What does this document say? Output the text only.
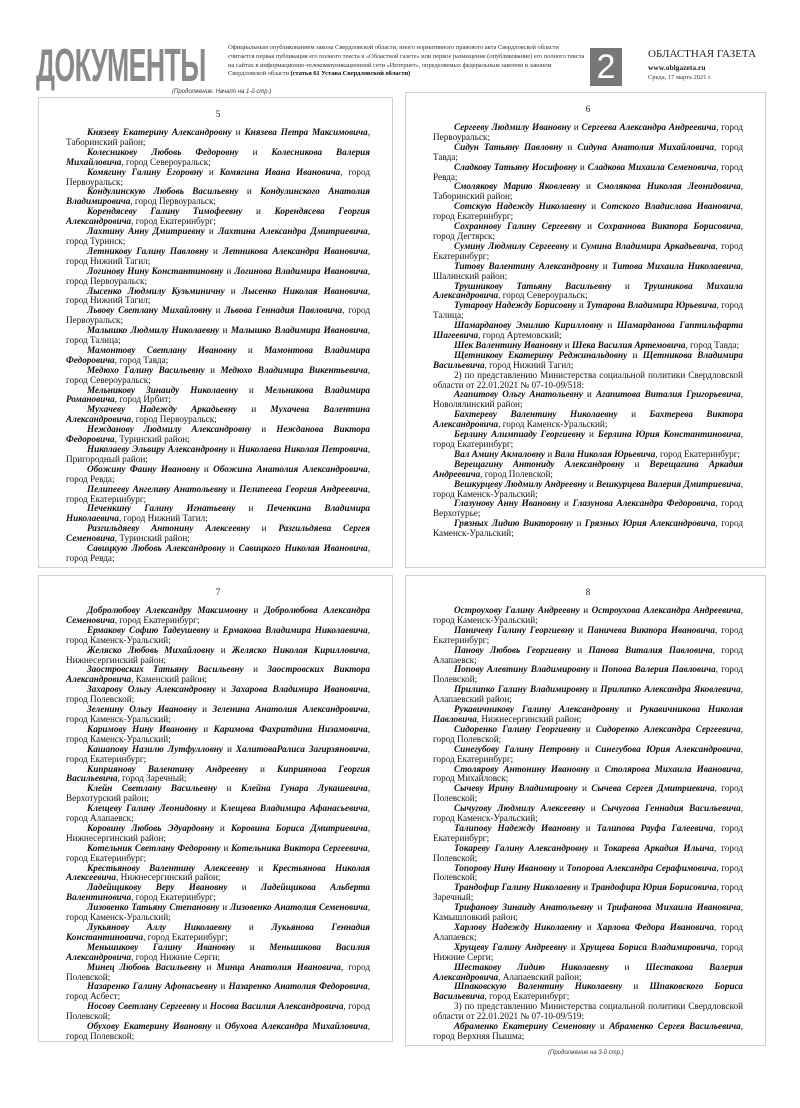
ДОКУМЕНТЫ	Официальным опубликованием закона Свердловской области, иного нормативного правового акта Свердловской области считается первая публикация его полного текста в «Областной газете» или первое размещение (опубликование) его полного текста на сайтах в информационно-телекоммуникационной сети «Интернет», определяемых федеральным законом и законом Свердловской области (статья 61 Устава Свердловской области)	2	ОБЛАСТНАЯ ГАЗЕТА
www.oblgazeta.ru
Среда, 17 марта 2021 г.
(Продолжение. Начало на 1-й стр.)
5

Князеву Екатерину Александровну и Князева Петра Максимовича, Таборинский район;

Колесникову Любовь Федоровну и Колесникова Валерия Михайловича, город Североуральск;

Комягину Галину Егоровну и Комягина Ивана Ивановича, город Первоуральск;

Кондулинскую Любовь Васильевну и Кондулинского Анатолия Владимировича, город Первоуральск;

Корендясеву Галину Тимофеевну и Корендясева Георгия Александровича, город Екатеринбург;

Лахтину Анну Дмитриевну и Лахтина Александра Дмитриевича, город Туринск;

Летникову Галину Павловну и Летникова Александра Ивановича, город Нижний Тагил;

Логинову Нину Константиновну и Логинова Владимира Ивановича, город Первоуральск;

Лысенко Людмилу Кузьминичну и Лысенко Николая Ивановича, город Нижний Тагил;

Львову Светлану Михайловну и Львова Геннадия Павловича, город Первоуральск;

Малышко Людмилу Николаевну и Малышко Владимира Ивановича, город Талица;

Мамонтову Светлану Ивановну и Мамонтова Владимира Федоровича, город Тавда;

Медюхо Галину Васильевну и Медюхо Владимира Викентьевича, город Североуральск;

Мельникову Зинаиду Николаевну и Мельникова Владимира Романовича, город Ирбит;

Мухачеву Надежду Аркадьевну и Мухачева Валентина Александровича, город Первоуральск;

Нежданову Людмилу Александровну и Нежданова Виктора Федоровича, Туринский район;

Николаеву Эльвиру Александровну и Николаева Николая Петровича, Пригородный район;

Обожину Фаину Ивановну и Обожина Анатолия Александровича, город Ревда;

Пелипееву Ангелину Анатольевну и Пелипеева Георгия Андреевича, город Екатеринбург;

Печенкину Галину Игнатьевну и Печенкина Владимира Николаевича, город Нижний Тагил;

Разгильдяеву Антонину Алексеевну и Разгильдяева Сергея Семеновича, Туринский район;

Савицкую Любовь Александровну и Савицкого Николая Ивановича, город Ревда;

6

Сергееву Людмилу Ивановну и Сергеева Александра Андреевича, город Первоуральск;

Сидун Татьяну Павловну и Сидуна Анатолия Михайловича, город Тавда;

Сладкову Татьяну Иосифовну и Сладкова Михаила Семеновича, город Ревда;

Смолякову Марию Яковлевну и Смолякова Николая Леонидовича, Таборинский район;

Сотскую Надежду Николаевну и Сотского Владислава Ивановича, город Екатеринбург;

Сохраннову Галину Сергеевну и Сохраннова Виктора Борисовича, город Дегтярск;

Сумину Людмилу Сергеевну и Сумина Владимира Аркадьевича, город Екатеринбург;

Титову Валентину Александровну и Титова Михаила Николаевича, Шалинский район;

Трушникову Татьяну Васильевну и Трушникова Михаила Александровича, город Североуральск;

Тутарову Надежду Борисовну и Тутарова Владимира Юрьевича, город Талица;

Шамарданову Эмилию Кирилловну и Шамарданова Гаптильфарта Шагеевича, город Артемовский;

Шек Валентину Ивановну и Шека Василия Артемовича, город Тавда;

Щетникову Екатерину Реджинальдовну и Щетникова Владимира Васильевича, город Нижний Тагил;

2) по представлению Министерства социальной политики Свердловской области от 22.01.2021 № 07-10-09/518:

Агапитову Ольгу Анатольевну и Агапитова Виталия Григорьевича, Новолялинский район;

Бахтереву Валентину Николаевну и Бахтерева Виктора Александровича, город Каменск-Уральский;

Берлину Алимпиаду Георгиевну и Берлина Юрия Константиновича, город Екатеринбург;

Вал Амину Акмаловну и Вала Николая Юрьевича, город Екатеринбург;

Верещагину Антониду Александровну и Верещагина Аркадия Андреевича, город Полевской;

Вешкурцеву Людмилу Андреевну и Вешкурцева Валерия Дмитриевича, город Каменск-Уральский;

Глазунову Анну Ивановну и Глазунова Александра Федоровича, город Верхотурье;

Грязных Лидию Викторовну и Грязных Юрия Александровича, город Каменск-Уральский;

7

Добролюбову Александру Максимовну и Добролюбова Александра Семеновича, город Екатеринбург;

Ермакову Софию Тадеушевну и Ермакова Владимира Николаевича, город Каменск-Уральский;

Желяско Любовь Михайловну и Желяско Николая Кирилловича, Нижнесергинский район;

Заостровских Татьяну Васильевну и Заостровских Виктора Александровича, Каменский район;

Захарову Ольгу Александровну и Захарова Владимира Ивановича, город Полевской;

Зеленину Ольгу Ивановну и Зеленина Анатолия Александровича, город Каменск-Уральский;

Каримову Нину Ивановну и Каримова Фахритдина Низамовича, город Каменск-Уральский;

Кашапову Назилю Лутфулловну и ХалитоваРалиса Загирзяновича, город Екатеринбург;

Киприянову Валентину Андреевну и Киприянова Георгия Васильевича, город Заречный;

Клейн Светлану Васильевну и Клейна Гунара Лукашевича, Верхотурский район;

Клещеву Галину Леонидовну и Клещева Владимира Афанасьевича, город Алапаевск;

Коровину Любовь Эдуардовну и Коровина Бориса Дмитриевича, Нижнесергинский район;

Котельник Светлану Федоровну и Котельника Виктора Сергеевича, город Екатеринбург;

Крестьянову Валентину Алексеевну и Крестьянова Николая Алексеевича, Нижнесергинский район;

Ладейщикову Веру Ивановну и Ладейщикова Альберта Валентиновича, город Екатеринбург;

Лизовенко Татьяну Степановну и Лизовенко Анатолия Семеновича, город Каменск-Уральский;

Лукьянову Аллу Николаевну и Лукьянова Геннадия Константиновича, город Екатеринбург;

Меньшикову Галину Ивановну и Меньшикова Василия Александровича, город Нижние Серги;

Минец Любовь Васильевну и Минца Анатолия Ивановича, город Полевской;

Назаренко Галину Афонасьевну и Назаренко Анатолия Федоровича, город Асбест;

Носову Светлану Сергеевну и Носова Василия Александровича, город Полевской;

Обухову Екатерину Ивановну и Обухова Александра Михайловича, город Полевской;

8

Остроухову Галину Андреевну и Остроухова Александра Андреевича, город Каменск-Уральский;

Паничеву Галину Георгиевну и Паничева Виктора Ивановича, город Екатеринбург;

Панову Любовь Георгиевну и Панова Виталия Павловича, город Алапаевск;

Попову Алевтину Владимировну и Попова Валерия Павловича, город Полевской;

Прилипко Галину Владимировну и Прилипко Александра Яковлевича, Алапаевский район;

Рукавичникову Галину Александровну и Рукавичникова Николая Павловича, Нижнесергинский район;

Сидоренко Галину Георгиевну и Сидоренко Александра Сергеевича, город Полевской;

Синегубову Галину Петровну и Синегубова Юрия Александровича, город Екатеринбург;

Столярову Антонину Ивановну и Столярова Михаила Ивановича, город Михайловск;

Сычеву Ирину Владимировну и Сычева Сергея Дмитриевича, город Полевской;

Сычугову Людмилу Алексеевну и Сычугова Геннадия Васильевича, город Каменск-Уральский;

Талипову Надежду Ивановну и Талипова Рауфа Галеевича, город Екатеринбург;

Токареву Галину Александровну и Токарева Аркадия Ильича, город Полевской;

Топорову Нину Ивановну и Топорова Александра Серафимовича, город Полевской;

Трандофир Галину Николаевну и Трандофира Юрия Борисовича, город Заречный;

Трифанову Зинаиду Анатольевну и Трифанова Михаила Ивановича, Камышловкий район;

Харлову Надежду Николаевну и Харлова Федора Ивановича, город Алапаевск;

Хрущеву Галину Андреевну и Хрущева Бориса Владимировича, город Нижние Серги;

Шестакову Лидию Николаевну и Шестакова Валерия Александровича, Алапаевский район;

Шпаковскую Валентину Николаевну и Шпаковского Бориса Васильевича, город Екатеринбург;

3) по представлению Министерства социальной политики Свердловской области от 22.01.2021 № 07-10-09/519:

Абраменко Екатерину Семеновну и Абраменко Сергея Васильевича, город Верхняя Пышма;

(Продолжение на 3-й стр.)
